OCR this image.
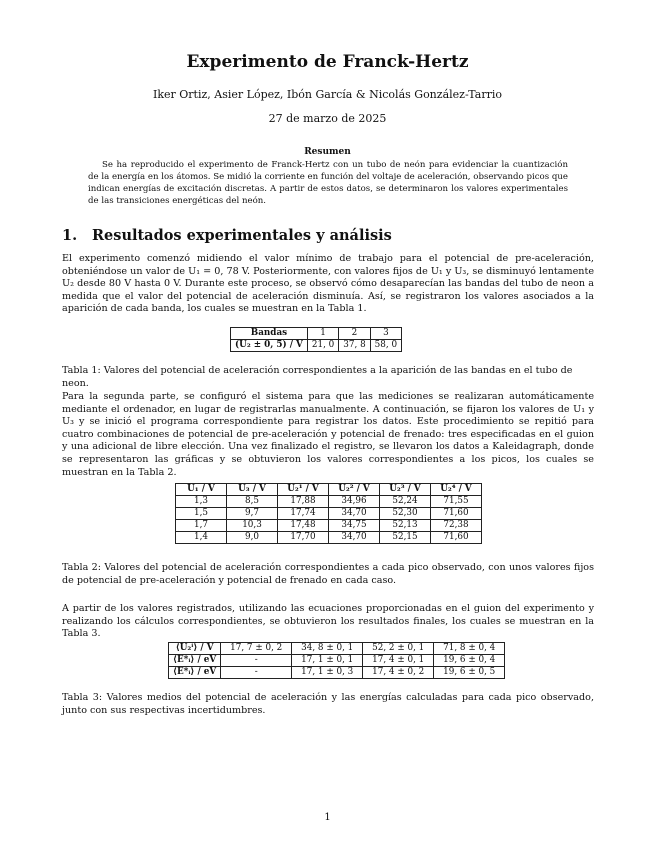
Experimento de Franck-Hertz
Iker Ortiz, Asier López, Ibón García & Nicolás González-Tarrio
27 de marzo de 2025
Resumen
Se ha reproducido el experimento de Franck-Hertz con un tubo de neón para evidenciar la cuantización de la energía en los átomos. Se midió la corriente en función del voltaje de aceleración, observando picos que indican energías de excitación discretas. A partir de estos datos, se determinaron los valores experimentales de las transiciones energéticas del neón.
1. Resultados experimentales y análisis
El experimento comenzó midiendo el valor mínimo de trabajo para el potencial de pre-aceleración, obteniéndose un valor de U₁ = 0, 78 V. Posteriormente, con valores fijos de U₁ y U₃, se disminuyó lentamente U₂ desde 80 V hasta 0 V. Durante este proceso, se observó cómo desaparecían las bandas del tubo de neon a medida que el valor del potencial de aceleración disminuía. Así, se registraron los valores asociados a la aparición de cada banda, los cuales se muestran en la Tabla 1.
Bandas	1	2	3
(U₂ ± 0, 5) / V	21, 0	37, 8	58, 0
Tabla 1: Valores del potencial de aceleración correspondientes a la aparición de las bandas en el tubo de neon.
Para la segunda parte, se configuró el sistema para que las mediciones se realizaran automáticamente mediante el ordenador, en lugar de registrarlas manualmente. A continuación, se fijaron los valores de U₁ y U₃ y se inició el programa correspondiente para registrar los datos. Este procedimiento se repitió para cuatro combinaciones de potencial de pre-aceleración y potencial de frenado: tres especificadas en el guion y una adicional de libre elección. Una vez finalizado el registro, se llevaron los datos a Kaleidagraph, donde se representaron las gráficas y se obtuvieron los valores correspondientes a los picos, los cuales se muestran en la Tabla 2.
U₁ / V	U₃ / V	U₂¹ / V	U₂² / V	U₂³ / V	U₂⁴ / V
1,3	8,5	17,88	34,96	52,24	71,55
1,5	9,7	17,74	34,70	52,30	71,60
1,7	10,3	17,48	34,75	52,13	72,38
1,4	9,0	17,70	34,70	52,15	71,60
Tabla 2: Valores del potencial de aceleración correspondientes a cada pico observado, con unos valores fijos de potencial de pre-aceleración y potencial de frenado en cada caso.
A partir de los valores registrados, utilizando las ecuaciones proporcionadas en el guion del experimento y realizando los cálculos correspondientes, se obtuvieron los resultados finales, los cuales se muestran en la Tabla 3.
⟨U₂ⁱ⟩ / V	17, 7 ± 0, 2	34, 8 ± 0, 1	52, 2 ± 0, 1	71, 8 ± 0, 4
⟨E*ᵢ⟩ / eV	-	17, 1 ± 0, 1	17, 4 ± 0, 1	19, 6 ± 0, 4
⟨E*ᵢ⟩ / eV	-	17, 1 ± 0, 3	17, 4 ± 0, 2	19, 6 ± 0, 5
Tabla 3: Valores medios del potencial de aceleración y las energías calculadas para cada pico observado, junto con sus respectivas incertidumbres.
1
